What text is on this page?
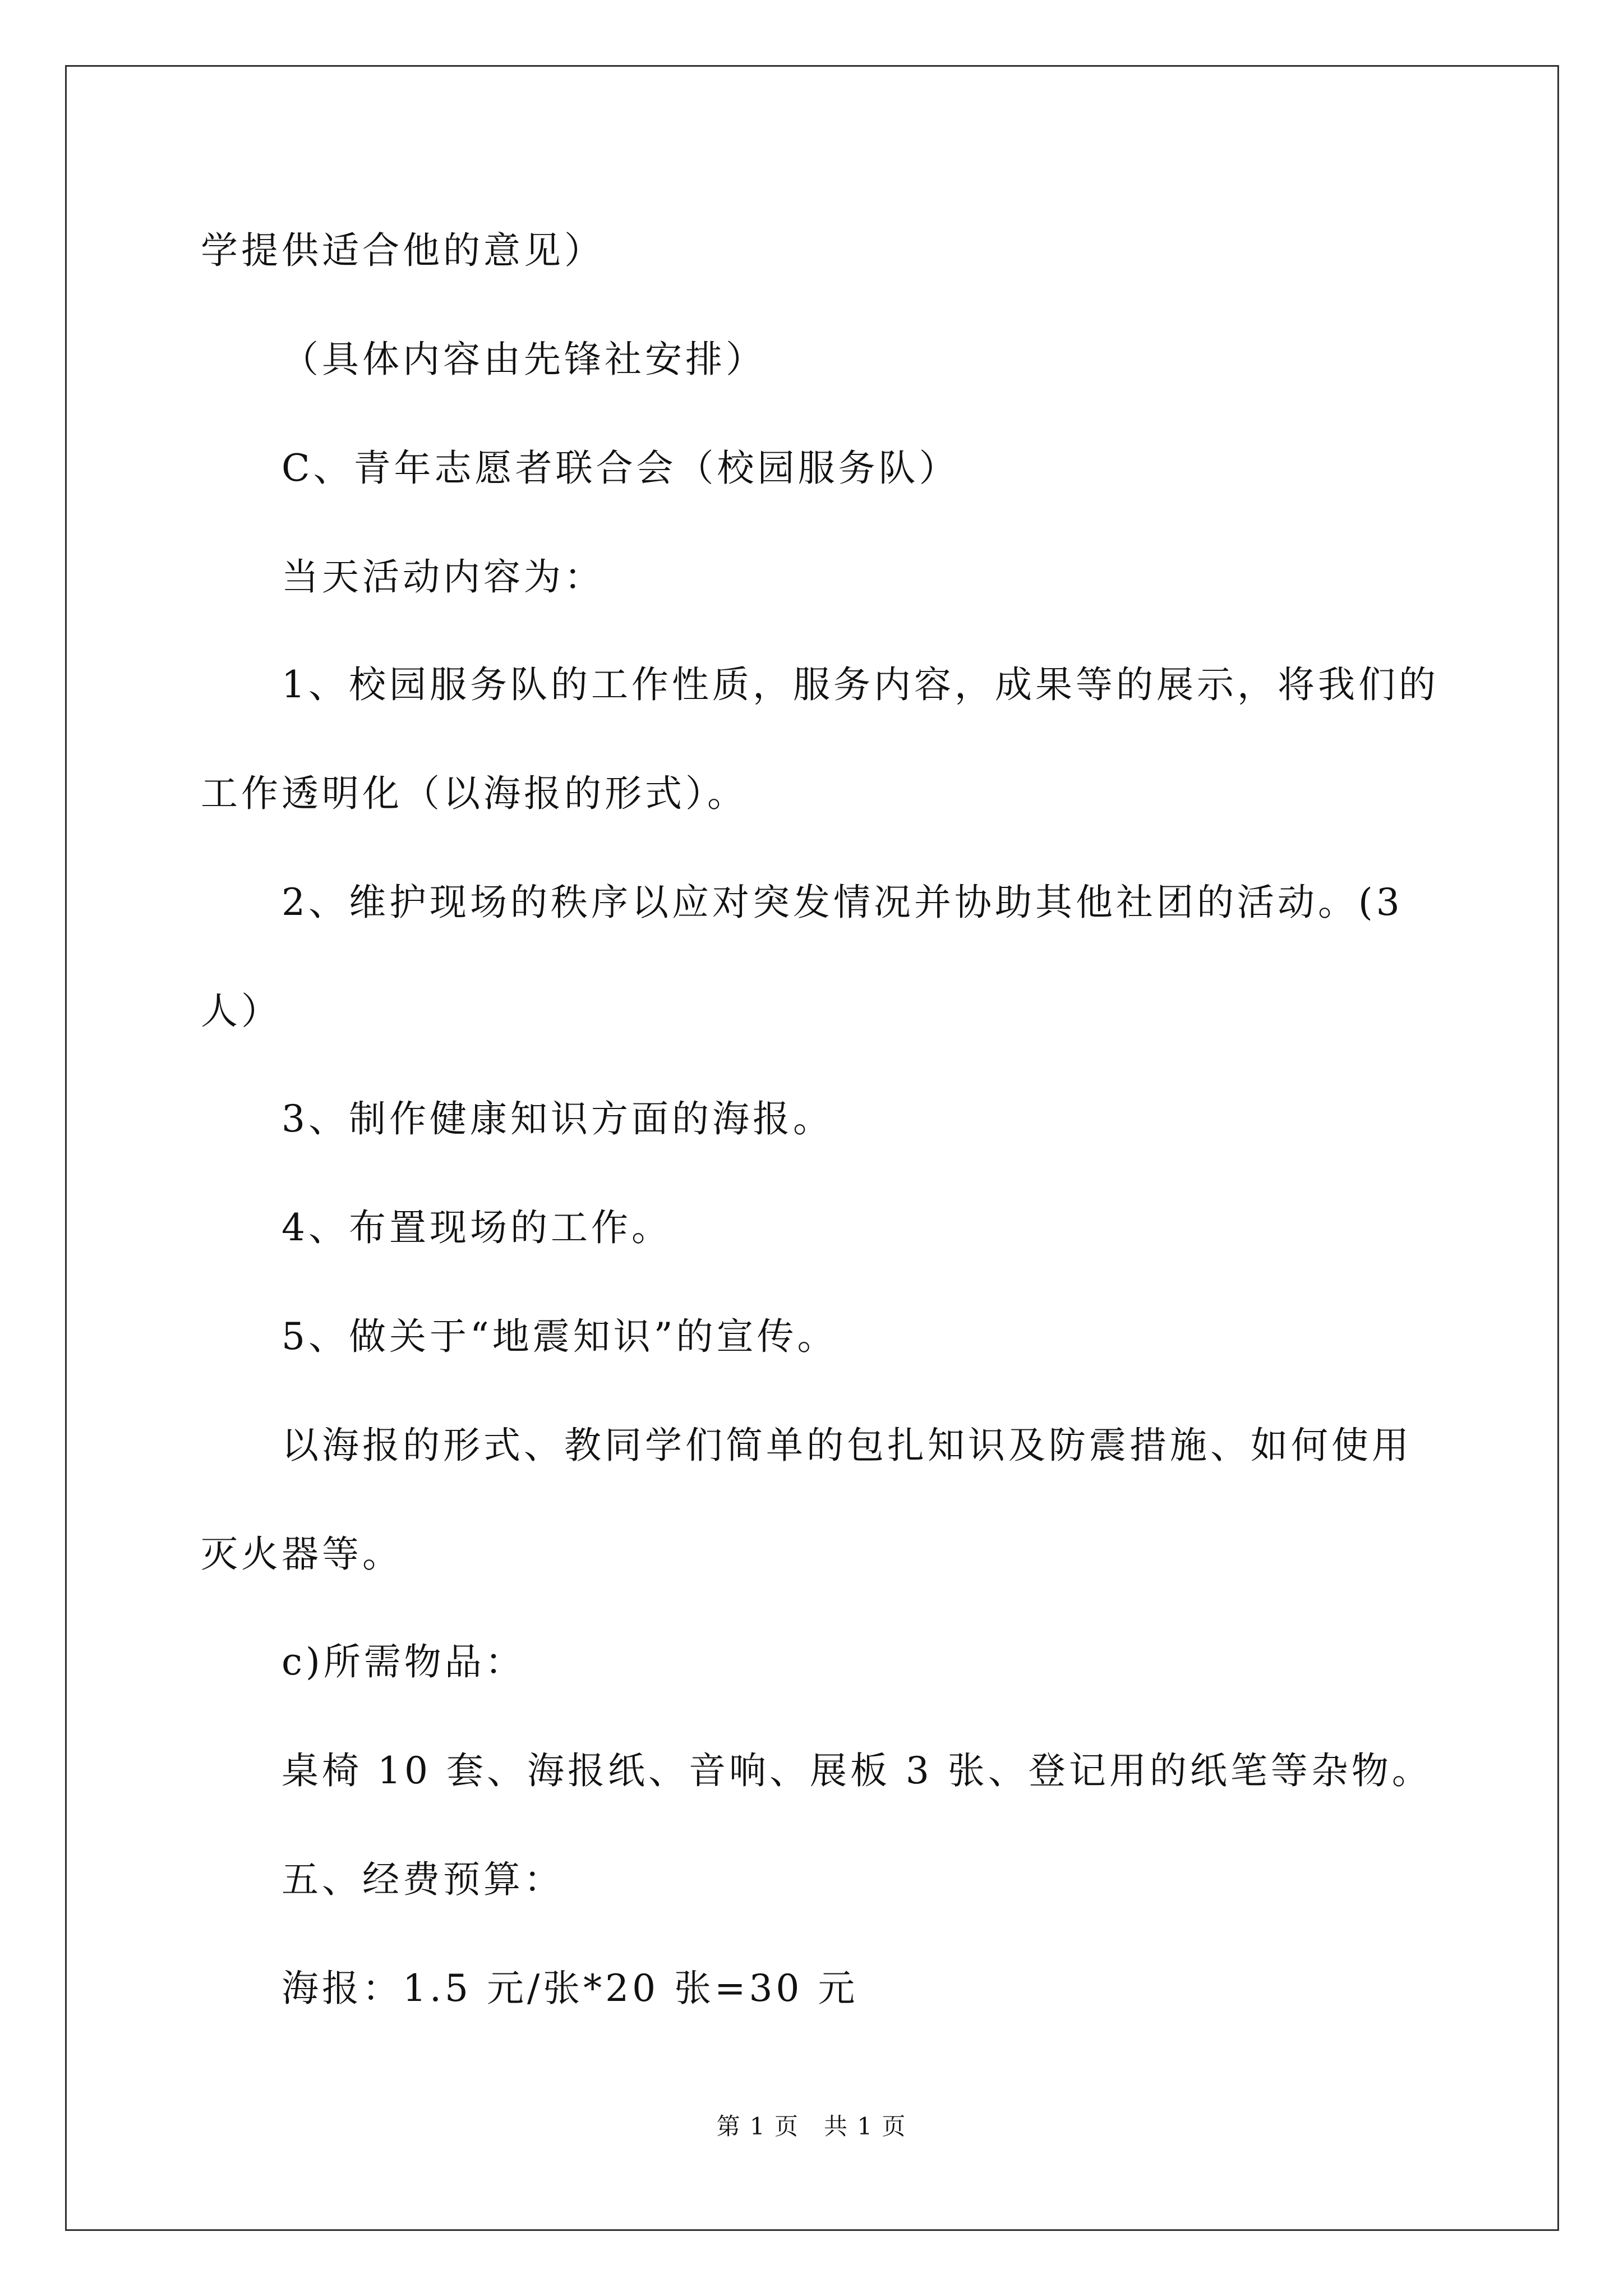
学提供适合他的意见）
（具体内容由先锋社安排）
C、青年志愿者联合会（校园服务队）
当天活动内容为：
1、校园服务队的工作性质，服务内容，成果等的展示，将我们的
工作透明化（以海报的形式）。
2、维护现场的秩序以应对突发情况并协助其他社团的活动。(3
人）
3、制作健康知识方面的海报。
4、布置现场的工作。
5、做关于“地震知识”的宣传。
以海报的形式、教同学们简单的包扎知识及防震措施、如何使用
灭火器等。
c)所需物品：
桌椅 10 套、海报纸、音响、展板 3 张、登记用的纸笔等杂物。
五、经费预算：
海报：1.5 元/张*20 张=30 元
第 1 页　共 1 页
